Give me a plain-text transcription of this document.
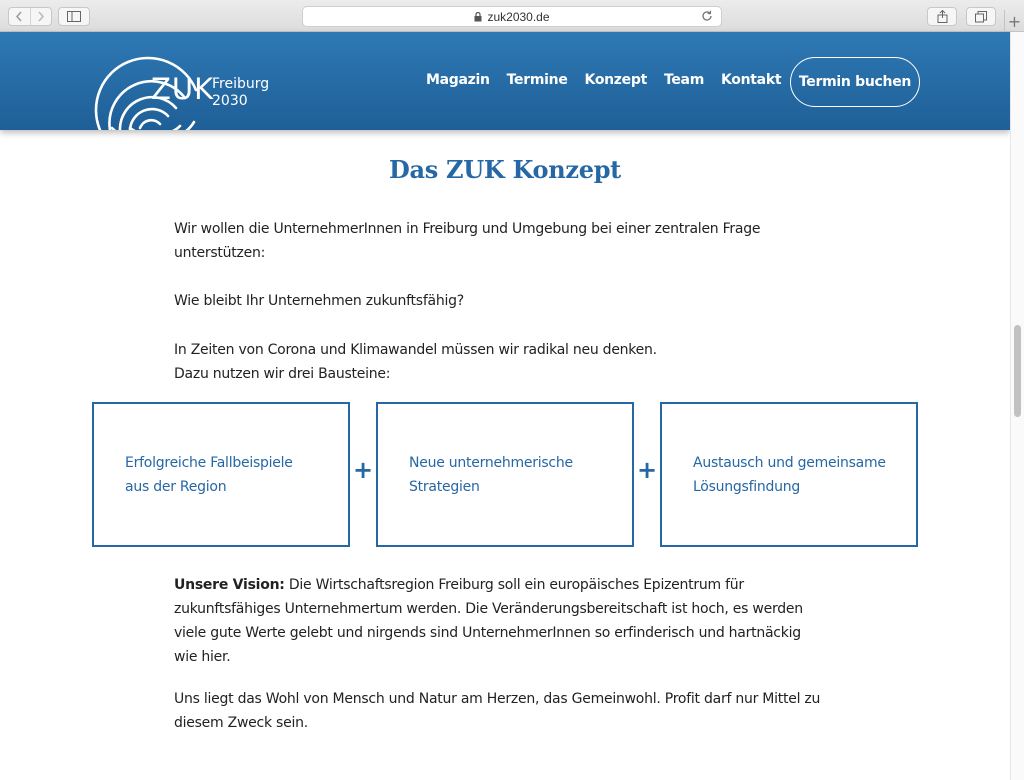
zuk2030.de	+
ZUK
Freiburg
2030
Magazin Termine Konzept Team Kontakt	Termin buchen
Das ZUK Konzept
Wir wollen die UnternehmerInnen in Freiburg und Umgebung bei einer zentralen Frage
unterstützen:
Wie bleibt Ihr Unternehmen zukunftsfähig?
In Zeiten von Corona und Klimawandel müssen wir radikal neu denken.
Dazu nutzen wir drei Bausteine:
Erfolgreiche Fallbeispiele
aus der Region
+	Neue unternehmerische
Strategien
+	Austausch und gemeinsame
Lösungsfindung
Unsere Vision: Die Wirtschaftsregion Freiburg soll ein europäisches Epizentrum für
zukunftsfähiges Unternehmertum werden. Die Veränderungsbereitschaft ist hoch, es werden
viele gute Werte gelebt und nirgends sind UnternehmerInnen so erfinderisch und hartnäckig
wie hier.
Uns liegt das Wohl von Mensch und Natur am Herzen, das Gemeinwohl. Profit darf nur Mittel zu
diesem Zweck sein.
